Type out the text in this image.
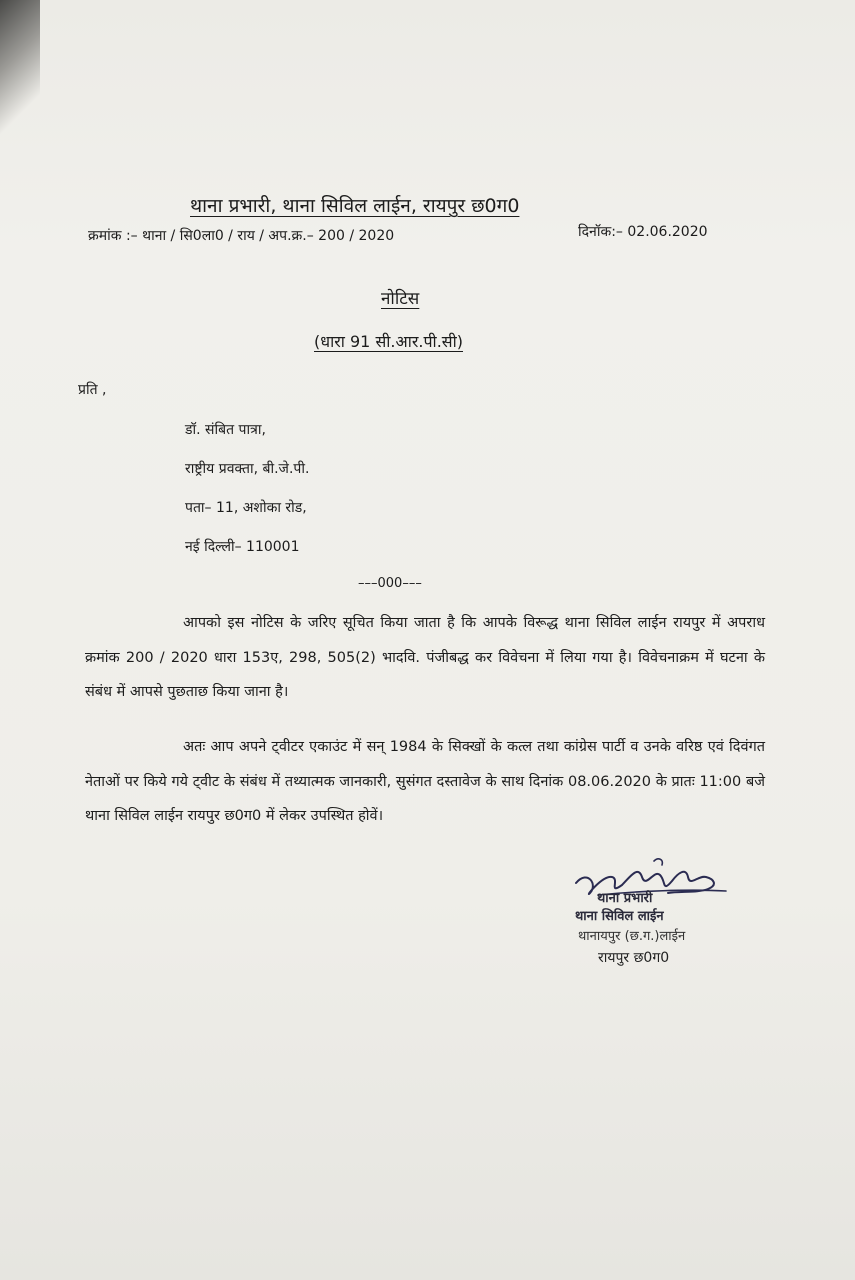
थाना प्रभारी, थाना सिविल लाईन, रायपुर छ0ग0
क्रमांक :– थाना / सि0ला0 / राय / अप.क्र.– 200 / 2020	दिनॉक:– 02.06.2020
नोटिस
(धारा 91 सी.आर.पी.सी)
प्रति ,
डॉ. संबित पात्रा,
राष्ट्रीय प्रवक्ता, बी.जे.पी.
पता– 11, अशोका रोड,
नई दिल्ली– 110001
–––000–––

आपको इस नोटिस के जरिए सूचित किया जाता है कि आपके विरूद्ध थाना सिविल लाईन रायपुर में अपराध क्रमांक 200 / 2020 धारा 153ए, 298, 505(2) भादवि. पंजीबद्ध कर विवेचना में लिया गया है। विवेचनाक्रम में घटना के संबंध में आपसे पुछताछ किया जाना है।

अतः आप अपने ट्वीटर एकाउंट में सन् 1984 के सिक्खों के कत्ल तथा कांग्रेस पार्टी व उनके वरिष्ठ एवं दिवंगत नेताओं पर किये गये ट्वीट के संबंध में तथ्यात्मक जानकारी, सुसंगत दस्तावेज के साथ दिनांक 08.06.2020 के प्रातः 11:00 बजे थाना सिविल लाईन रायपुर छ0ग0 में लेकर उपस्थित होवें।

थाना प्रभारी
थाना सिविल लाईन
थानायपुर (छ.ग.)लाईन
रायपुर छ0ग0
